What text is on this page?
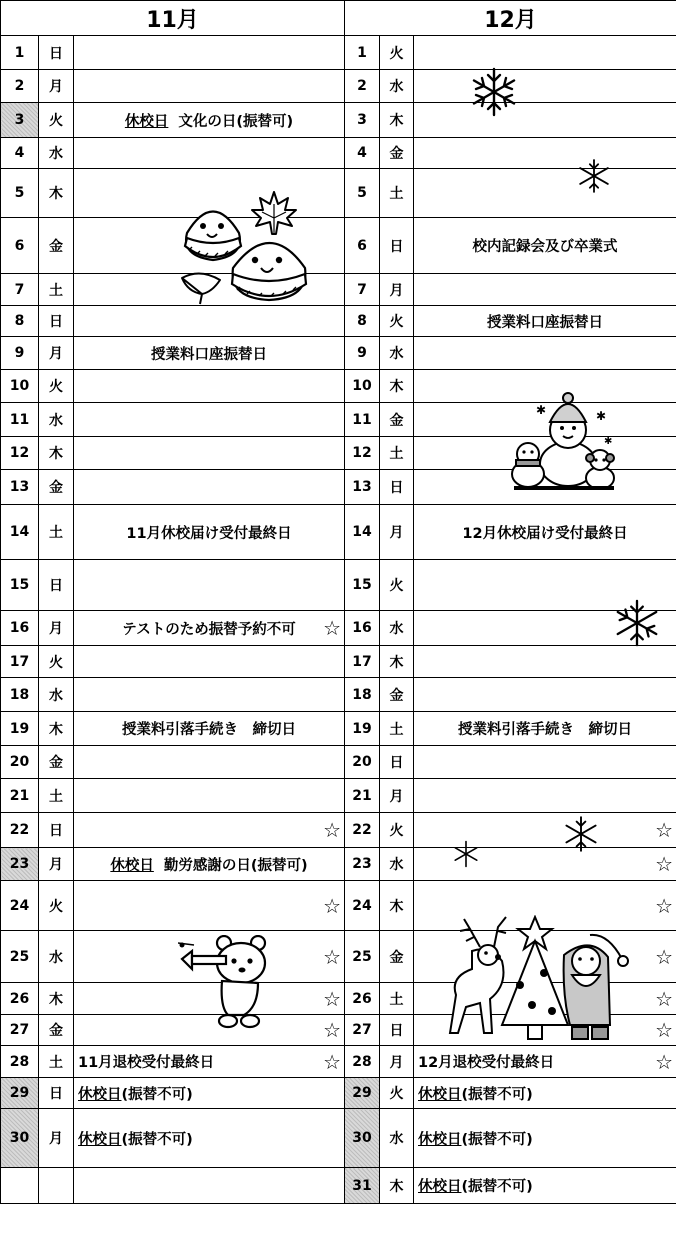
11月			12月		
1	日		1	火	
2	月		2	水	
3	火	休校日 文化の日(振替可)	3	木	
4	水		4	金	
5	木		5	土	
6	金		6	日	校内記録会及び卒業式
7	土		7	月	
8	日		8	火	授業料口座振替日
9	月	授業料口座振替日	9	水	
10	火		10	木	
11	水		11	金	
12	木		12	土	
13	金		13	日	
14	土	11月休校届け受付最終日	14	月	12月休校届け受付最終日
15	日		15	火	
16	月	テストのため振替予約不可 ☆	16	水	
17	火		17	木	
18	水		18	金	
19	木	授業料引落手続き　締切日	19	土	授業料引落手続き　締切日
20	金		20	日	
21	土		21	月	
22	日	☆	22	火	☆

23	月	休校日 勤労感謝の日(振替可)	23	水	☆

24	火	☆	24	木	☆

25	水	☆	25	金	☆

26	木	☆	26	土	☆

27	金	☆	27	日	☆

28	土	11月退校受付最終日 ☆	28	月	12月退校受付最終日 ☆

29	日	休校日(振替不可)	29	火	休校日(振替不可)
30	月	休校日(振替不可)	30	水	休校日(振替不可)
			31	木	休校日(振替不可)
✱	✱
✱
